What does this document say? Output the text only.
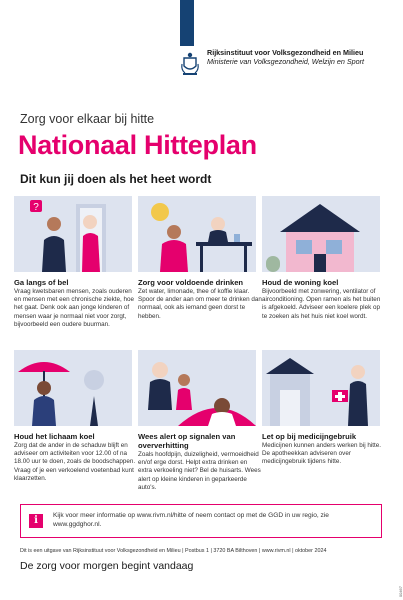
Rijksinstituut voor Volksgezondheid en Milieu
Ministerie van Volksgezondheid, Welzijn en Sport
Zorg voor elkaar bij hitte
Nationaal Hitteplan
Dit kun jij doen als het heet wordt
?
Ga langs of bel
Vraag kwetsbaren mensen, zoals ouderen en mensen met een chronische ziekte, hoe het gaat. Denk ook aan jonge kinderen of mensen waar je normaal niet voor zorgt, bijvoorbeeld een oudere buurman.
Zorg voor voldoende drinken
Zet water, limonade, thee of koffie klaar. Spoor de ander aan om meer te drinken dan normaal, ook als iemand geen dorst te hebben.
Houd de woning koel
Bijvoorbeeld met zonwering, ventilator of airconditioning. Open ramen als het buiten is afgekoeld. Adviseer een koelere plek op te zoeken als het huis niet koel wordt.
Houd het lichaam koel
Zorg dat de ander in de schaduw blijft en adviseer om activiteiten voor 12.00 of na 18.00 uur te doen, zoals de boodschappen. Vraag of je een verkoelend voetenbad kunt klaarzetten.
Wees alert op signalen van oververhitting
Zoals hoofdpijn, duizeligheid, vermoeidheid en/of erge dorst. Helpt extra drinken en extra verkoeling niet? Bel de huisarts. Wees alert op kleine kinderen in geparkeerde auto's.
Let op bij medicijngebruik
Medicijnen kunnen anders werken bij hitte. De apotheekkan adviseren over medicijngebruik tijdens hitte.
i	Kijk voor meer informatie op www.rivm.nl/hitte of neem contact op met de GGD in uw regio, zie www.ggdghor.nl.
Dit is een uitgave van Rijksinstituut voor Volksgezondheid en Milieu | Postbus 1 | 3720 BA Bilthoven | www.rivm.nl | oktober 2024
De zorg voor morgen begint vandaag
00467
